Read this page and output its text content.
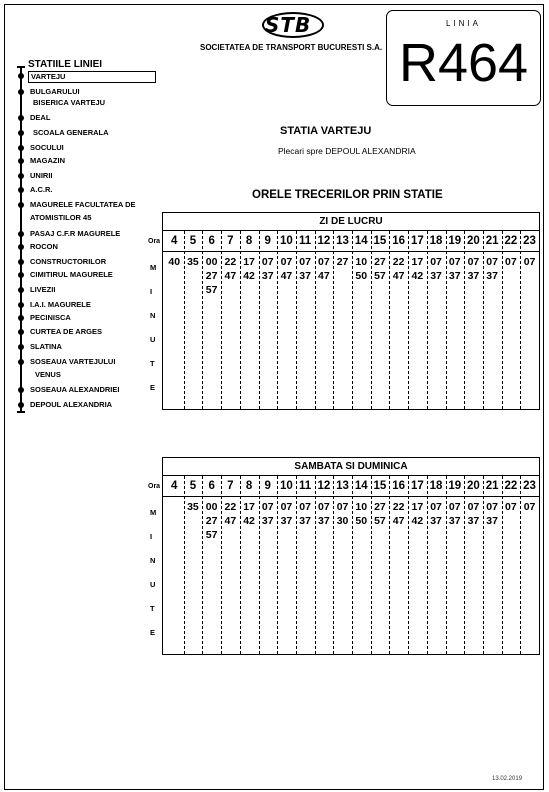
STB
SOCIETATEA DE TRANSPORT BUCURESTI S.A.
LINIA
R464
STATIILE LINIEI
VARTEJU
BULGARULUI
BISERICA VARTEJU
DEAL
SCOALA GENERALA
SOCULUI
MAGAZIN
UNIRII
A.C.R.
MAGURELE FACULTATEA DE
ATOMISTILOR 45
PASAJ C.F.R MAGURELE
ROCON
CONSTRUCTORILOR
CIMITIRUL MAGURELE
LIVEZII
I.A.I. MAGURELE
PECINISCA
CURTEA DE ARGES
SLATINA
SOSEAUA VARTEJULUI
VENUS
SOSEAUA ALEXANDRIEI
DEPOUL ALEXANDRIA
STATIA VARTEJU
Plecari spre DEPOUL ALEXANDRIA
ORELE TRECERILOR PRIN STATIE
ZI DE LUCRU
Ora
M
I
N
U
T
E
4
40
5
35
6
00
27
57
7
22
47
8
17
42
9
07
37
10
07
47
11
07
37
12
07
47
13
27
14
10
50
15
27
57
16
22
47
17
17
42
18
07
37
19
07
37
20
07
37
21
07
37
22
07
23
07
SAMBATA SI DUMINICA
Ora
M
I
N
U
T
E
4	5
35
6
00
27
57
7
22
47
8
17
42
9
07
37
10
07
37
11
07
37
12
07
37
13
07
30
14
10
50
15
27
57
16
22
47
17
17
42
18
07
37
19
07
37
20
07
37
21
07
37
22
07
23
07
13.02.2019
